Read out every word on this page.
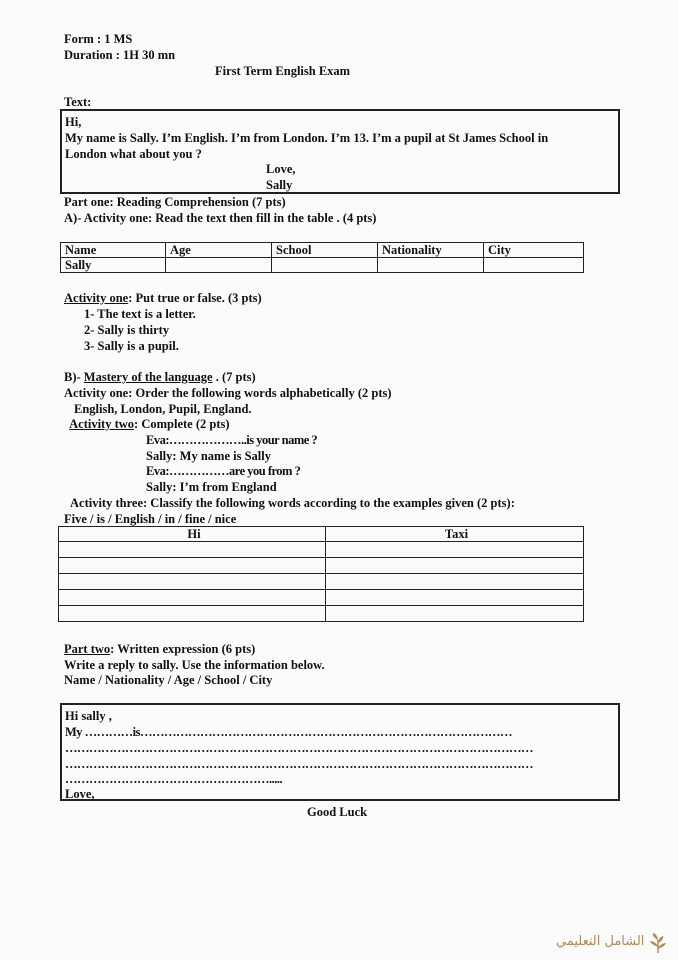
Form : 1 MS
Duration : 1H 30 mn
First Term English Exam
Text:
Hi,
My name is Sally. I’m English. I’m from London. I’m 13. I’m a pupil at St James School in
London what about you ?
Love,
Sally
Part one: Reading Comprehension (7 pts)
A)- Activity one: Read the text then fill in the table . (4 pts)
Name	Age	School	Nationality	City
Sally				
Activity one: Put true or false. (3 pts)
1- The text is a letter.
2- Sally is thirty
3- Sally is a pupil.
B)- Mastery of the language . (7 pts)
Activity one: Order the following words alphabetically (2 pts)
English, London, Pupil, England.
Activity two: Complete (2 pts)
Eva:………………..is your name ?
Sally: My name is Sally
Eva:……………are you from ?
Sally: I’m from England
Activity three: Classify the following words according to the examples given (2 pts):
Five / is / English / in / fine / nice
Hi	Taxi

Part two: Written expression (6 pts)
Write a reply to sally. Use the information below.
Name / Nationality / Age / School / City
Hi sally ,
My …………is…………………………………………………………………………………
………………………………………………………………………………………………………
………………………………………………………………………………………………………
…………………………………………….....
Love,
Good Luck
الشامل التعليمي
